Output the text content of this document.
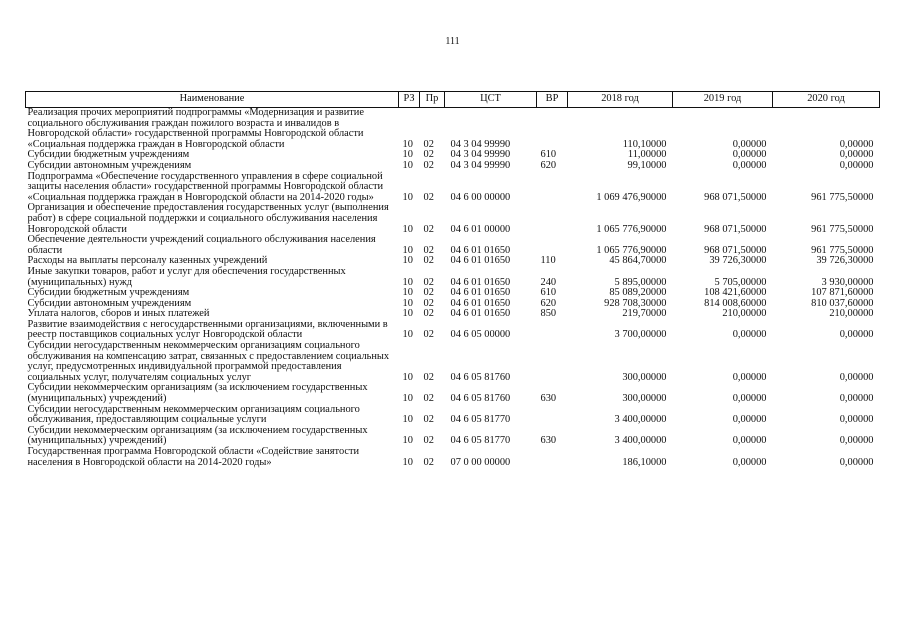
111
Наименование	РЗ	Пр	ЦСТ	ВР	2018 год	2019 год	2020 год
Реализация прочих мероприятий подпрограммы «Модернизация и развитие социального обслуживания граждан пожилого возраста и инвалидов в Новгородской области» государственной программы Новгородской области «Социальная поддержка граждан в Новгородской области	10	02	04 3 04 99990		110,10000	0,00000	0,00000
Субсидии бюджетным учреждениям	10	02	04 3 04 99990	610	11,00000	0,00000	0,00000
Субсидии автономным учреждениям	10	02	04 3 04 99990	620	99,10000	0,00000	0,00000
Подпрограмма «Обеспечение государственного управления в сфере социальной защиты населения области» государственной программы Новгородской области «Социальная поддержка граждан в Новгородской области на 2014-2020 годы»	10	02	04 6 00 00000		1 069 476,90000	968 071,50000	961 775,50000
Организация и обеспечение предоставления государственных услуг (выполнения работ) в сфере социальной поддержки и социального обслуживания населения Новгородской области	10	02	04 6 01 00000		1 065 776,90000	968 071,50000	961 775,50000
Обеспечение деятельности учреждений социального обслуживания населения области	10	02	04 6 01 01650		1 065 776,90000	968 071,50000	961 775,50000
Расходы на выплаты персоналу казенных учреждений	10	02	04 6 01 01650	110	45 864,70000	39 726,30000	39 726,30000
Иные закупки товаров, работ и услуг для обеспечения государственных (муниципальных) нужд	10	02	04 6 01 01650	240	5 895,00000	5 705,00000	3 930,00000
Субсидии бюджетным учреждениям	10	02	04 6 01 01650	610	85 089,20000	108 421,60000	107 871,60000
Субсидии автономным учреждениям	10	02	04 6 01 01650	620	928 708,30000	814 008,60000	810 037,60000
Уплата налогов, сборов и иных платежей	10	02	04 6 01 01650	850	219,70000	210,00000	210,00000
Развитие взаимодействия с негосударственными организациями, включенными в реестр поставщиков социальных услуг Новгородской области	10	02	04 6 05 00000		3 700,00000	0,00000	0,00000
Субсидии негосударственным некоммерческим организациям социального обслуживания на компенсацию затрат, связанных с предоставлением социальных услуг, предусмотренных индивидуальной программой предоставления социальных услуг, получателям социальных услуг	10	02	04 6 05 81760		300,00000	0,00000	0,00000
Субсидии некоммерческим организациям (за исключением государственных (муниципальных) учреждений)	10	02	04 6 05 81760	630	300,00000	0,00000	0,00000
Субсидии негосударственным некоммерческим организациям социального обслуживания, предоставляющим социальные услуги	10	02	04 6 05 81770		3 400,00000	0,00000	0,00000
Субсидии некоммерческим организациям (за исключением государственных (муниципальных) учреждений)	10	02	04 6 05 81770	630	3 400,00000	0,00000	0,00000
Государственная программа Новгородской области «Содействие занятости населения в Новгородской области на 2014-2020 годы»	10	02	07 0 00 00000		186,10000	0,00000	0,00000
